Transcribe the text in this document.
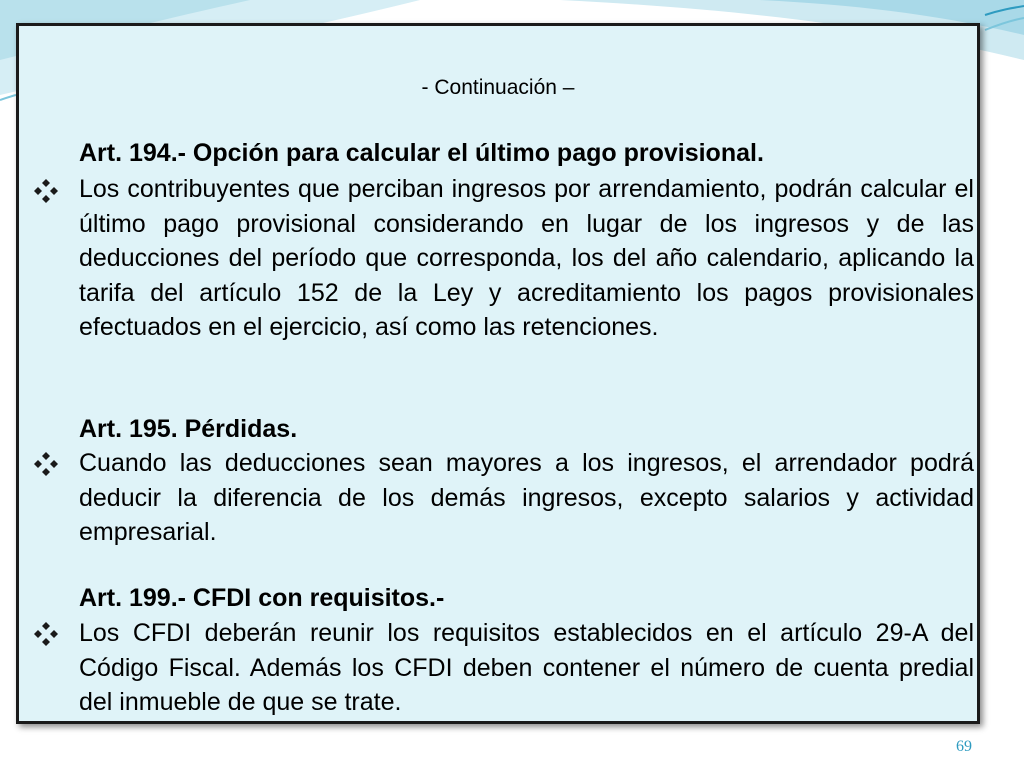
- Continuación –
Art. 194.- Opción para calcular el último pago provisional.
Los contribuyentes que perciban ingresos por arrendamiento, podrán calcular el último pago provisional considerando en lugar de los ingresos y de las deducciones del período que corresponda, los del año calendario, aplicando la tarifa del artículo 152 de la Ley y acreditamiento los pagos provisionales efectuados en el ejercicio, así como las retenciones.
Art. 195. Pérdidas.
Cuando las deducciones sean mayores a los ingresos, el arrendador podrá deducir la diferencia de los demás ingresos, excepto salarios y actividad empresarial.
Art. 199.- CFDI con requisitos.-
Los CFDI deberán reunir los requisitos establecidos en el artículo 29-A del Código Fiscal. Además los CFDI deben contener el número de cuenta predial del inmueble de que se trate.
69
